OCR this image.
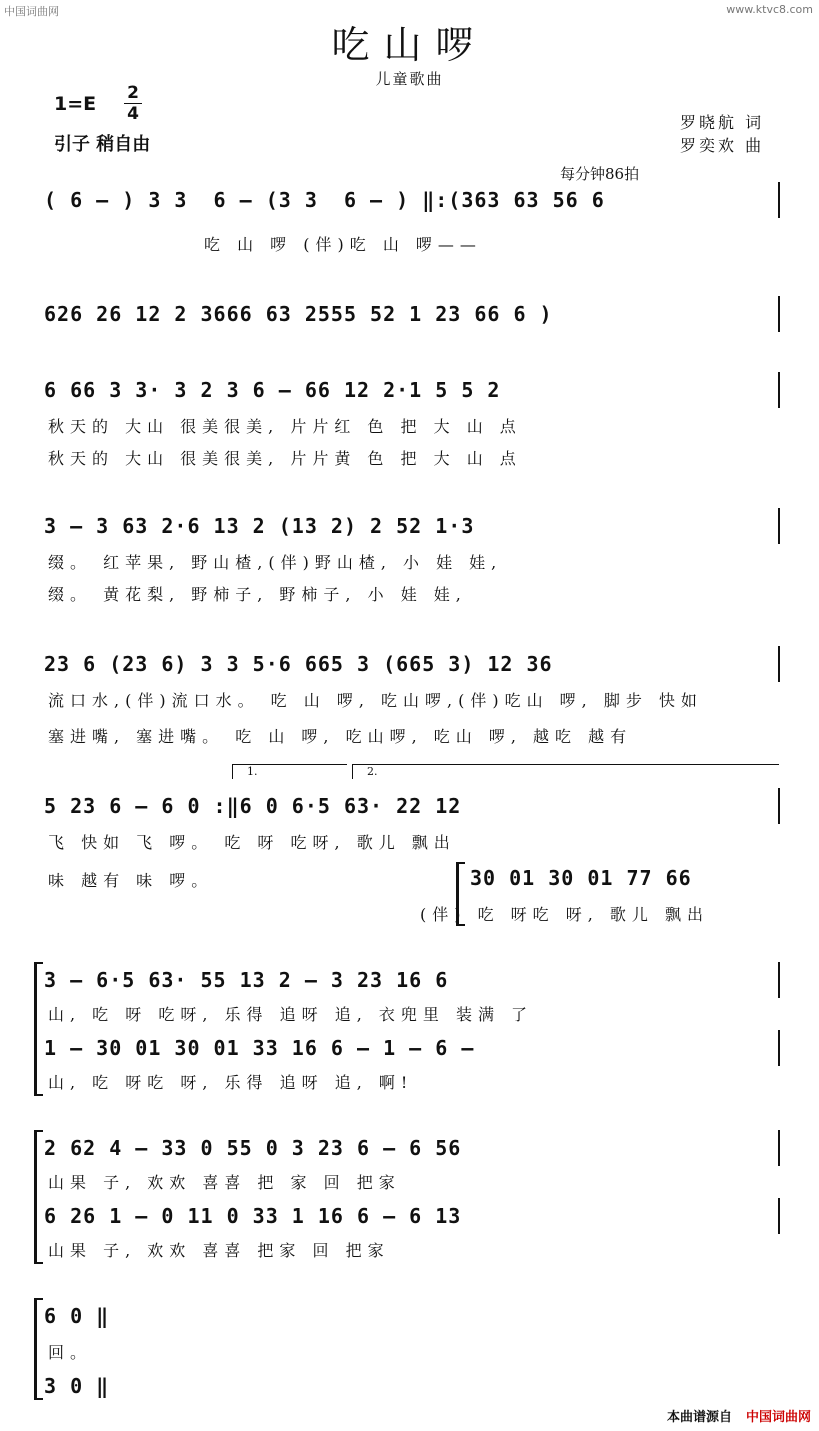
中国词曲网	www.ktvc8.com
吃山啰
儿童歌曲
$1=E \frac{2}{4}$
引子 稍自由
罗晓航 词
罗奕欢 曲
每分钟86拍
( 6 — ) 3 3  6 — (3 3  6 — ) ‖:(363 63 56 6
吃 山 啰 (伴)吃 山 啰——
626 26 12 2 3666 63 2555 52 1 23 66 6 )
6 66 3 3· 3 2 3 6 — 66 12 2·1 5 5 2
秋天的 大山 很美很美, 片片红 色 把 大 山 点
秋天的 大山 很美很美, 片片黄 色 把 大 山 点
3 — 3 63 2·6 13 2 (13 2) 2 52 1·3
缀。 红苹果, 野山楂,(伴)野山楂, 小 娃 娃,
缀。 黄花梨, 野柿子, 野柿子, 小 娃 娃,
23 6 (23 6) 3 3 5·6 665 3 (665 3) 12 36
流口水,(伴)流口水。 吃 山 啰, 吃山啰,(伴)吃山 啰, 脚步 快如
塞进嘴, 塞进嘴。 吃 山 啰, 吃山啰, 吃山 啰, 越吃 越有
1.	2.
5 23 6 — 6 0 :‖6 0 6·5 63· 22 12
飞 快如 飞 啰。 吃 呀 吃呀, 歌儿 飘出
味 越有 味 啰。	30 01 30 01 77 66
(伴) 吃 呀吃 呀, 歌儿 飘出
3 — 6·5 63· 55 13 2 — 3 23 16 6
山, 吃 呀 吃呀, 乐得 追呀 追, 衣兜里 装满 了
1 — 30 01 30 01 33 16 6 — 1 — 6 —
山, 吃 呀吃 呀, 乐得 追呀 追, 啊!
2 62 4 — 33 0 55 0 3 23 6 — 6 56
山果 子, 欢欢 喜喜 把 家 回 把家
6 26 1 — 0 11 0 33 1 16 6 — 6 13
山果 子, 欢欢 喜喜 把家 回 把家
6 0 ‖
回。
3 0 ‖
本曲谱源自 中国词曲网
